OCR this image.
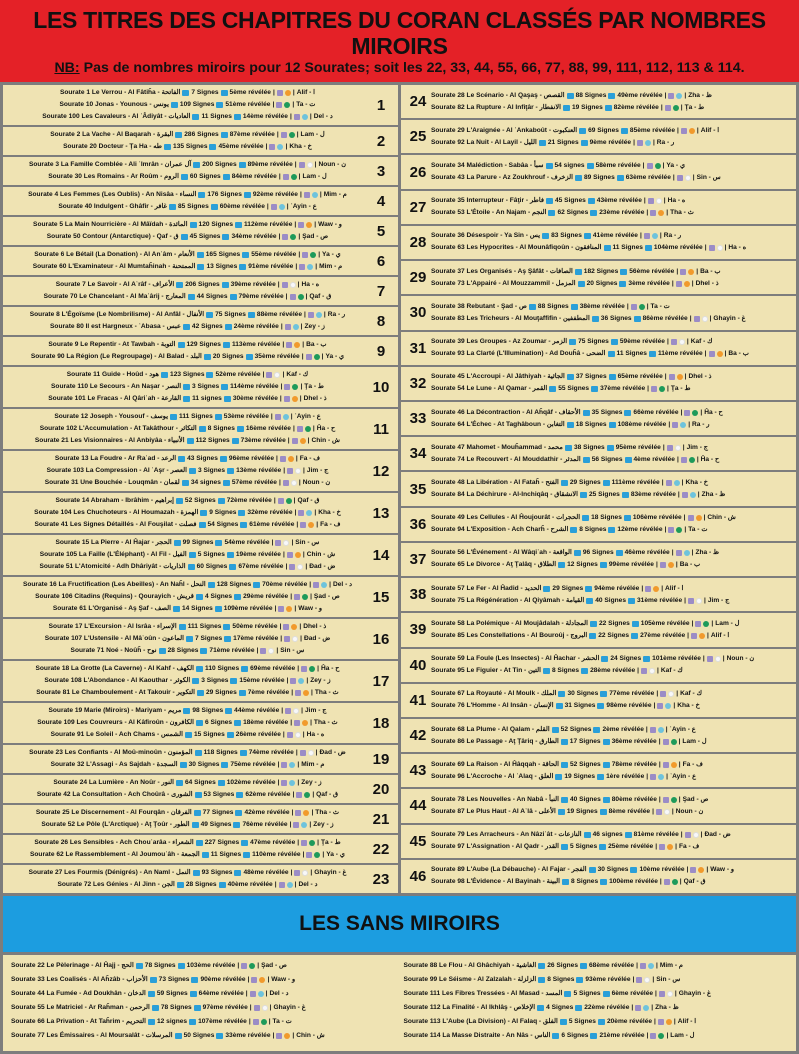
LES TITRES DES CHAPITRES DU CORAN CLASSÉS PAR NOMBRES MIROIRS

NB: Pas de nombres miroirs pour 12 Sourates; soit les 22, 33, 44, 55, 66, 77, 88, 99, 111, 112, 113 & 114.

Sourate 1 Le Verrou - Al Fâtiĥa - الفاتحة 7 Signes 5ème révélée |	| Alif - ا
Sourate 10 Jonas - Younous - يونس 109 Signes 51ème révélée |	| Ta - ت
Sourate 100 Les Cavaleurs - Al ʿÂdiyât - العاديات 11 Signes 14ème révélée |	| Del - د
1
Sourate 2 La Vache - Al Baqarah - البقرة 286 Signes 87ème révélée |	| Lam - ل
Sourate 20 Docteur - Ţa Ha - طه 135 Signes 45ème révélée |	| Kha - خ	2
Sourate 3 La Famille Comblée - Ali ʿImrân - آل عمران 200 Signes 89ème révélée |	| Noun - ن
Sourate 30 Les Romains - Ar Roûm - الروم 60 Signes 84ème révélée |	| Lam - ل	3
Sourate 4 Les Femmes (Les Oublis) - An Nisâa - النساء 176 Signes 92ème révélée |	| Mim - م
Sourate 40 Indulgent - Ghâfir - غافر 85 Signes 60ème révélée |	| ʿAyin - ع	4
Sourate 5 La Main Nourricière - Al Mâïdah - المائدة 120 Signes 112ème révélée |	| Waw - و
Sourate 50 Contour (Antarctique) - Qaf - ق 45 Signes 34ème révélée |	| Şad - ص	5
Sourate 6 Le Bétail (La Donation) - Al Anʿâm - الأنعام 165 Signes 55ème révélée |	| Ya - ي
Sourate 60 L'Examinateur - Al Mumtaĥinah - الممتحنة 13 Signes 91ème révélée |	| Mim - م	6
Sourate 7 Le Savoir - Al Aʿrâf - الأعراف 206 Signes 39ème révélée |	| Ha - ه
Sourate 70 Le Chancelant - Al Maʿârij - المعارج 44 Signes 79ème révélée |	| Qaf - ق	7
Sourate 8 L'Égoïsme (Le Nombrilisme) - Al Anfâl - الأنفال 75 Signes 88ème révélée |	| Ra - ر
Sourate 80 Il est Hargneux - ʿAbasa - عبس 42 Signes 24ème révélée |	| Zey - ز	8
Sourate 9 Le Repentir - At Tawbah - التوبة 129 Signes 113ème révélée |	| Ba - ب
Sourate 90 La Région (Le Regroupage) - Al Balad - البلد 20 Signes 35ème révélée |	| Ya - ي	9
Sourate 11 Guide - Hoûd - هود 123 Signes 52ème révélée |	| Kaf - ك
Sourate 110 Le Secours - An Naşar - النصر 3 Signes 114ème révélée |	| Ţa - ط
Sourate 101 Le Fracas - Al Qâriʿah - القارعة 11 signes 30ème révélée |	| Dhel - ذ
10
Sourate 12 Joseph - Yousouf - يوسف 111 Signes 53ème révélée |	| ʿAyin - ع
Sourate 102 L'Accumulation - At Takâthour - التكاثر 8 Signes 16ème révélée |	| Ĥa - ح
Sourate 21 Les Visionnaires - Al Anbiyâa - الأنبياء 112 Signes 73ème révélée |	| Chin - ش
11
Sourate 13 La Foudre - Ar Raʿad - الرعد 43 Signes 96ème révélée |	| Fa - ف
Sourate 103 La Compression - Al ʿAşr - العصر 3 Signes 13ème révélée |	| Jim - ج
Sourate 31 Une Bouchée - Louqmân - لقمان 34 signes 57ème révélée |	| Noun - ن
12
Sourate 14 Abraham - Ibrâhim - إبراهيم 52 Signes 72ème révélée |	| Qaf - ق
Sourate 104 Les Chuchoteurs - Al Houmazah - الهمزة 9 Signes 32ème révélée |	| Kha - خ
Sourate 41 Les Signes Détaillés - Al Fouşilat - فصلت 54 Signes 61ème révélée |	| Fa - ف
13
Sourate 15 La Pierre - Al Ĥajar - الحجر 99 Signes 54ème révélée |	| Sin - س
Sourate 105 La Faille (L'Éléphant) - Al Fil - الفيل 5 Signes 19ème révélée |	| Chin - ش
Sourate 51 L'Atomicité - Adh Dhâriyât - الذاريات 60 Signes 67ème révélée |	| Đad - ض
14
Sourate 16 La Fructification (Les Abeilles) - An Naĥl - النحل 128 Signes 70ème révélée |	| Del - د
Sourate 106 Citadins (Requins) - Qourayich - قريش 4 Signes 29ème révélée |	| Şad - ص
Sourate 61 L'Organisé - Aş Şaf - الصف 14 Signes 109ème révélée |	| Waw - و
15
Sourate 17 L'Excursion - Al Isrâa - الإسراء 111 Signes 50ème révélée |	| Dhel - ذ
Sourate 107 L'Ustensile - Al Mâʿoûn - الماعون 7 Signes 17ème révélée |	| Đad - ض
Sourate 71 Noé - Noûĥ - نوح 28 Signes 71ème révélée |	| Sin - س
16
Sourate 18 La Grotte (La Caverne) - Al Kahf - الكهف 110 Signes 69ème révélée |	| Ĥa - ح
Sourate 108 L'Abondance - Al Kaouthar - الكوثر 3 Signes 15ème révélée |	| Zey - ز
Sourate 81 Le Chamboulement - At Takouir - التكوير 29 Signes 7ème révélée |	| Tha - ث
17
Sourate 19 Marie (Miroirs) - Mariyam - مريم 98 Signes 44ème révélée |	| Jim - ج
Sourate 109 Les Couvreurs - Al Kâfiroûn - الكافرون 6 Signes 18ème révélée |	| Tha - ث
Sourate 91 Le Soleil - Ach Chams - الشمس 15 Signes 26ème révélée |	| Ha - ه
18
Sourate 23 Les Confiants - Al Moû-minoûn - المؤمنون 118 Signes 74ème révélée |	| Đad - ض
Sourate 32 L'Assagi - As Sajdah - السجدة 30 Signes 75ème révélée |	| Mim - م	19
Sourate 24 La Lumière - An Noûr - النور 64 Signes 102ème révélée |	| Zey - ز
Sourate 42 La Consultation - Ach Choûrâ - الشورى 53 Signes 62ème révélée |	| Qaf - ق	20
Sourate 25 Le Discernement - Al Fourqân - الفرقان 77 Signes 42ème révélée |	| Tha - ث
Sourate 52 Le Pôle (L'Arctique) - Aţ Ţoûr - الطور 49 Signes 76ème révélée |	| Zey - ز	21
Sourate 26 Les Sensibles - Ach Chouʿarâa - الشعراء 227 Signes 47ème révélée |	| Ţa - ط
Sourate 62 Le Rassemblement - Al Joumouʿâh - الجمعة 11 Signes 110ème révélée |	| Ya - ي	22
Sourate 27 Les Fourmis (Dénigrés) - An Naml - النمل 93 Signes 48ème révélée |	| Ghayin - غ
Sourate 72 Les Génies - Al Jinn - الجن 28 Signes 40ème révélée |	| Del - د	23
24 Sourate 28 Le Scénario - Al Qaşaş - القصص 88 Signes 49ème révélée |	| Zha - ظ
Sourate 82 La Rupture - Al Infiţâr - الانفطار 19 Signes 82ème révélée |	| Ţa - ط
25 Sourate 29 L'Araignée - Al ʿAnkaboût - العنكبوت 69 Signes 85ème révélée |	| Alif - ا
Sourate 92 La Nuit - Al Layil - الليل 21 Signes 9ème révélée |	| Ra - ر
26 Sourate 34 Malédiction - Sabâa - سبأ 54 signes 58ème révélée |	| Ya - ي
Sourate 43 La Parure - Az Zoukhrouf - الزخرف 89 Signes 63ème révélée |	| Sin - س
27 Sourate 35 Interrupteur - Fâţir - فاطر 45 Signes 43ème révélée |	| Ha - ه
Sourate 53 L'Étoile - An Najam - النجم 62 Signes 23ème révélée |	| Tha - ث
28 Sourate 36 Désespoir - Ya Sin - يس 83 Signes 41ème révélée |	| Ra - ر
Sourate 63 Les Hypocrites - Al Mounâfiqoûn - المنافقون 11 Signes 104ème révélée |	| Ha - ه
29 Sourate 37 Les Organisés - Aş Şâfât - الصافات 182 Signes 56ème révélée |	| Ba - ب
Sourate 73 L'Appairé - Al Mouzzammil - المزمل 20 Signes 3ème révélée |	| Dhel - ذ
30 Sourate 38 Rebutant - Şad - ص 88 Signes 38ème révélée |	| Ta - ت
Sourate 83 Les Tricheurs - Al Mouţaffifin - المطففين 36 Signes 86ème révélée |	| Ghayin - غ
31 Sourate 39 Les Groupes - Az Zoumar - الزمر 75 Signes 59ème révélée |	| Kaf - ك
Sourate 93 La Clarté (L'Illumination) - Ad Douĥâ - الضحى 11 Signes 11ème révélée |	| Ba - ب
32 Sourate 45 L'Accroupi - Al Jâthiyah - الجاثية 37 Signes 65ème révélée |	| Dhel - ذ
Sourate 54 Le Lune - Al Qamar - القمر 55 Signes 37ème révélée |	| Ţa - ط
33 Sourate 46 La Décontraction - Al Aĥqâf - الأحقاف 35 Signes 66ème révélée |	| Ĥa - ح
Sourate 64 L'Échec - At Taghâboun - التغابن 18 Signes 108ème révélée |	| Ra - ر
34 Sourate 47 Mahomet - Mouĥammad - محمد 38 Signes 95ème révélée |	| Jim - ج
Sourate 74 Le Recouvert - Al Mouddathir - المدثر 56 Signes 4ème révélée |	| Ĥa - ح
35 Sourate 48 La Libération - Al Fataĥ - الفتح 29 Signes 111ème révélée |	| Kha - خ
Sourate 84 La Déchirure - Al-Inchiqâq - الانشقاق 25 Signes 83ème révélée |	| Zha - ظ
36 Sourate 49 Les Cellules - Al Ĥoujourât - الحجرات 18 Signes 106ème révélée |	| Chin - ش
Sourate 94 L'Exposition - Ach Charĥ - الشرح 8 Signes 12ème révélée |	| Ta - ت
37 Sourate 56 L'Événement - Al Wâqiʿah - الواقعة 96 Signes 46ème révélée |	| Zha - ظ
Sourate 65 Le Divorce - Aţ Ţalâq - الطلاق 12 Signes 99ème révélée |	| Ba - ب
38 Sourate 57 Le Fer - Al Ĥadid - الحديد 29 Signes 94ème révélée |	| Alif - ا
Sourate 75 La Régénération - Al Qiyâmah - القيامة 40 Signes 31ème révélée |	| Jim - ج
39 Sourate 58 La Polémique - Al Moujâdalah - المجادلة 22 Signes 105ème révélée |	| Lam - ل
Sourate 85 Les Constellations - Al Bouroûj - البروج 22 Signes 27ème révélée |	| Alif - ا
40 Sourate 59 La Foule (Les Insectes) - Al Ĥachar - الحشر 24 Signes 101ème révélée |	| Noun - ن
Sourate 95 Le Figuier - At Tin - التين 8 Signes 28ème révélée |	| Kaf - ك
41 Sourate 67 La Royauté - Al Moulk - الملك 30 Signes 77ème révélée |	| Kaf - ك
Sourate 76 L'Homme - Al Insân - الإنسان 31 Signes 98ème révélée |	| Kha - خ
42 Sourate 68 La Plume - Al Qalam - القلم 52 Signes 2ème révélée |	| ʿAyin - ع
Sourate 86 Le Passage - Aţ Ţâriq - الطارق 17 Signes 36ème révélée |	| Lam - ل
43 Sourate 69 La Raison - Al Ĥâqqah - الحاقة 52 Signes 78ème révélée |	| Fa - ف
Sourate 96 L'Accroche - Al ʿAlaq - العلق 19 Signes 1ère révélée |	| ʿAyin - ع
44 Sourate 78 Les Nouvelles - An Nabâ - النبأ 40 Signes 80ème révélée |	| Şad - ص
Sourate 87 Le Plus Haut - Al Aʿlâ - الأعلى 19 Signes 8ème révélée |	| Noun - ن
45 Sourate 79 Les Arracheurs - An Nâziʿât - النازعات 46 signes 81ème révélée |	| Đad - ض
Sourate 97 L'Assignation - Al Qadr - القدر 5 Signes 25ème révélée |	| Fa - ف
46 Sourate 89 L'Aube (La Débauche) - Al Fajar - الفجر 30 Signes 10ème révélée |	| Waw - و
Sourate 98 L'Évidence - Al Bayinah - البينة 8 Signes 100ème révélée |	| Qaf - ق
LES SANS MIROIRS
Sourate 22 Le Pèlerinage - Al Ĥajj - الحج 78 Signes 103ème révélée |	| Şad - ص
Sourate 33 Les Coalisés - Al Aĥzâb - الأحزاب 73 Signes 90ème révélée |	| Waw - و
Sourate 44 La Fumée - Ad Doukhân - الدخان 59 Signes 64ème révélée |	| Del - د
Sourate 55 Le Matriciel - Ar Raĥman - الرحمن 78 Signes 97ème révélée |	| Ghayin - غ
Sourate 66 La Privation - At Taĥrim - التحريم 12 signes 107ème révélée |	| Ta - ت
Sourate 77 Les Émissaires - Al Moursalât - المرسلات 50 Signes 33ème révélée |	| Chin - ش
Sourate 88 Le Flou - Al Ghâchiyah - الغاشية 26 Signes 68ème révélée |	| Mim - م
Sourate 99 Le Séisme - Al Zalzalah - الزلزلة 8 Signes 93ème révélée |	| Sin - س
Sourate 111 Les Fibres Tressées - Al Masad - المسد 5 Signes 6ème révélée |	| Ghayin - غ
Sourate 112 La Finalité - Al Ikhlâş - الإخلاص 4 Signes 22ème révélée |	| Zha - ظ
Sourate 113 L'Aube (La Division) - Al Falaq - الفلق 5 Signes 20ème révélée |	| Alif - ا
Sourate 114 La Masse Distraite - An Nâs - الناس 6 Signes 21ème révélée |	| Lam - ل
